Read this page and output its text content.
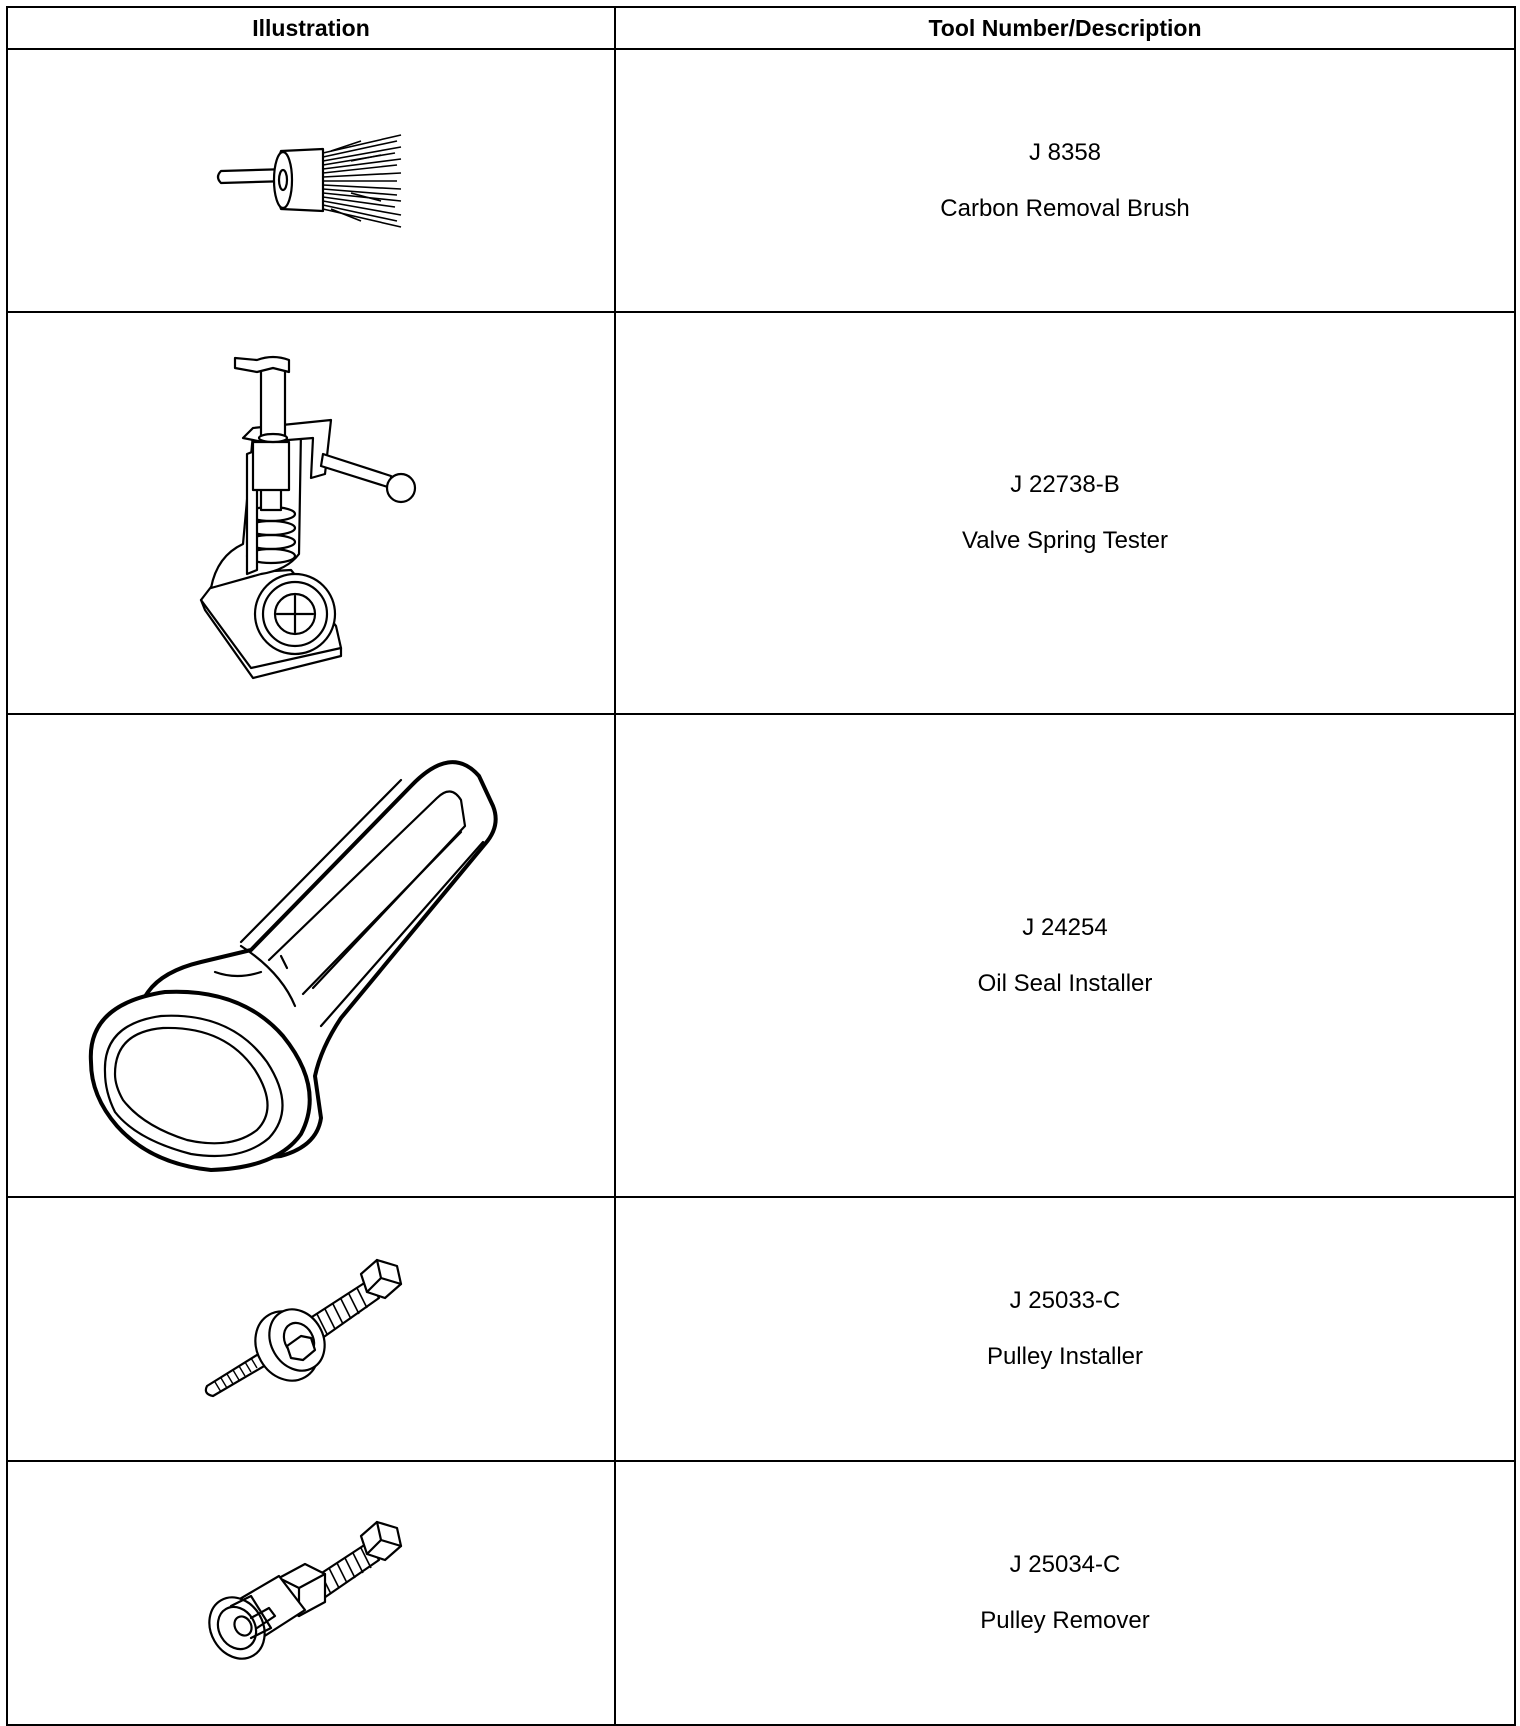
Illustration	Tool Number/Description

J 8358
Carbon Removal Brush

J 22738-B
Valve Spring Tester

J 24254
Oil Seal Installer

J 25033-C
Pulley Installer

J 25034-C
Pulley Remover
